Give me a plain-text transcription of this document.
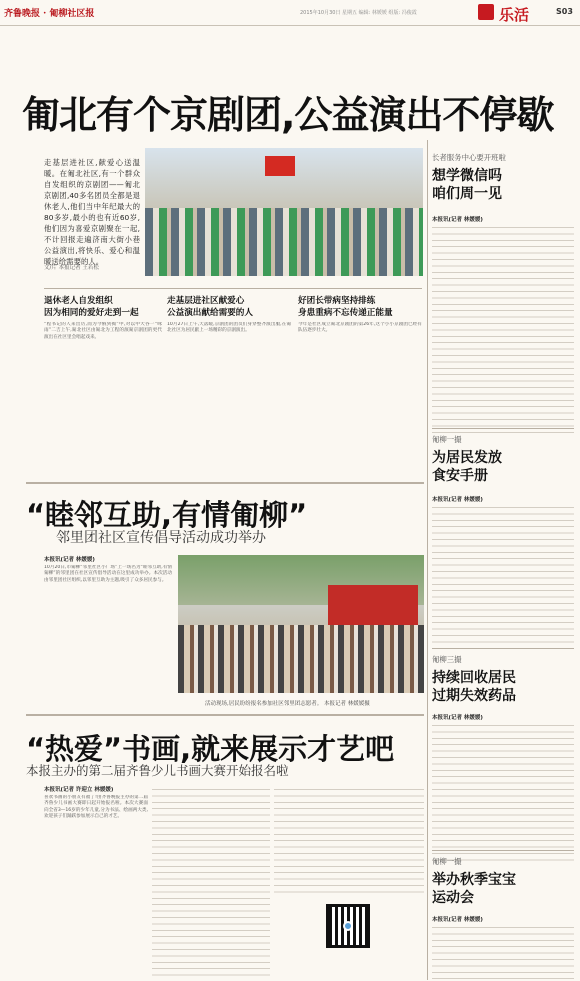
齐鲁晚报 · 匍柳社区报	2015年10月30日 星期五 编辑: 林媛媛 组版: 冯俊霞	乐活	S03
匍北有个京剧团,公益演出不停歇
走基层进社区,献爱心送温暖。在匍北社区,有一个群众自发组织的京剧团——匍北京剧团,40多名团员全都是退休老人,他们当中年纪最大的80多岁,最小的也有近60岁,他们因为喜爱京剧聚在一起,不计回报走遍济南大街小巷公益演出,将快乐、爱心和温暖送给需要的人。
文/片 本报记者 王若松
退休老人自发组织
因为相同的爱好走到一起
“程书记的人来出历,而为今俄到揭”中,对以中大谷一“咏雨”二吉上午,匍北社区由匍北为工程的演匍京剧团的更代演出在社区里会唱起戏来。
走基层进社区献爱心
公益演出献给需要的人
10月27日上午,天落暖,京剧团的团员们身穿整齐演出服,在匍北社区为居民献上一场精彩的京剧演出。
好团长带病坚持排练
身患重病不忘传递正能量
今年是社区成立匍北京剧团的第26年,这个小小京剧团已经有队伍逐步壮大。
“睦邻互助,有情匍柳”
邻里团社区宣传倡导活动成功举办
本报讯(记者 林媛媛)
10月20日,市匍柳“邻里社区小广场”上一场名为“睦邻互助,有情匍柳”的邻里团在社区宣传倡导活动在这里成功举办。本次活动由邻里团社区组织,以邻里互助为主题,吸引了众多居民参与。
活动现场,居民纷纷报名参加社区邻里团志愿者。 本报记者 林媛媛摄
“热爱”书画,就来展示才艺吧
本报主办的第二届齐鲁少儿书画大赛开始报名啦
本报讯(记者 许迎立 林媛媛)
喜欢书画的小朋友有福了!由齐鲁晚报主办的第二届齐鲁少儿书画大赛即日起开始报名啦。本次大赛面向全省3—16岁的少年儿童,分为书法、绘画两大类,欢迎孩子们踊跃参加展示自己的才艺。
长者服务中心要开班啦
想学微信吗
咱们周一见
本报讯(记者 林媛媛)
匍柳一撮
为居民发放
食安手册
本报讯(记者 林媛媛)
匍柳三撮
持续回收居民
过期失效药品
本报讯(记者 林媛媛)
匍柳一撮
举办秋季宝宝
运动会
本报讯(记者 林媛媛)
